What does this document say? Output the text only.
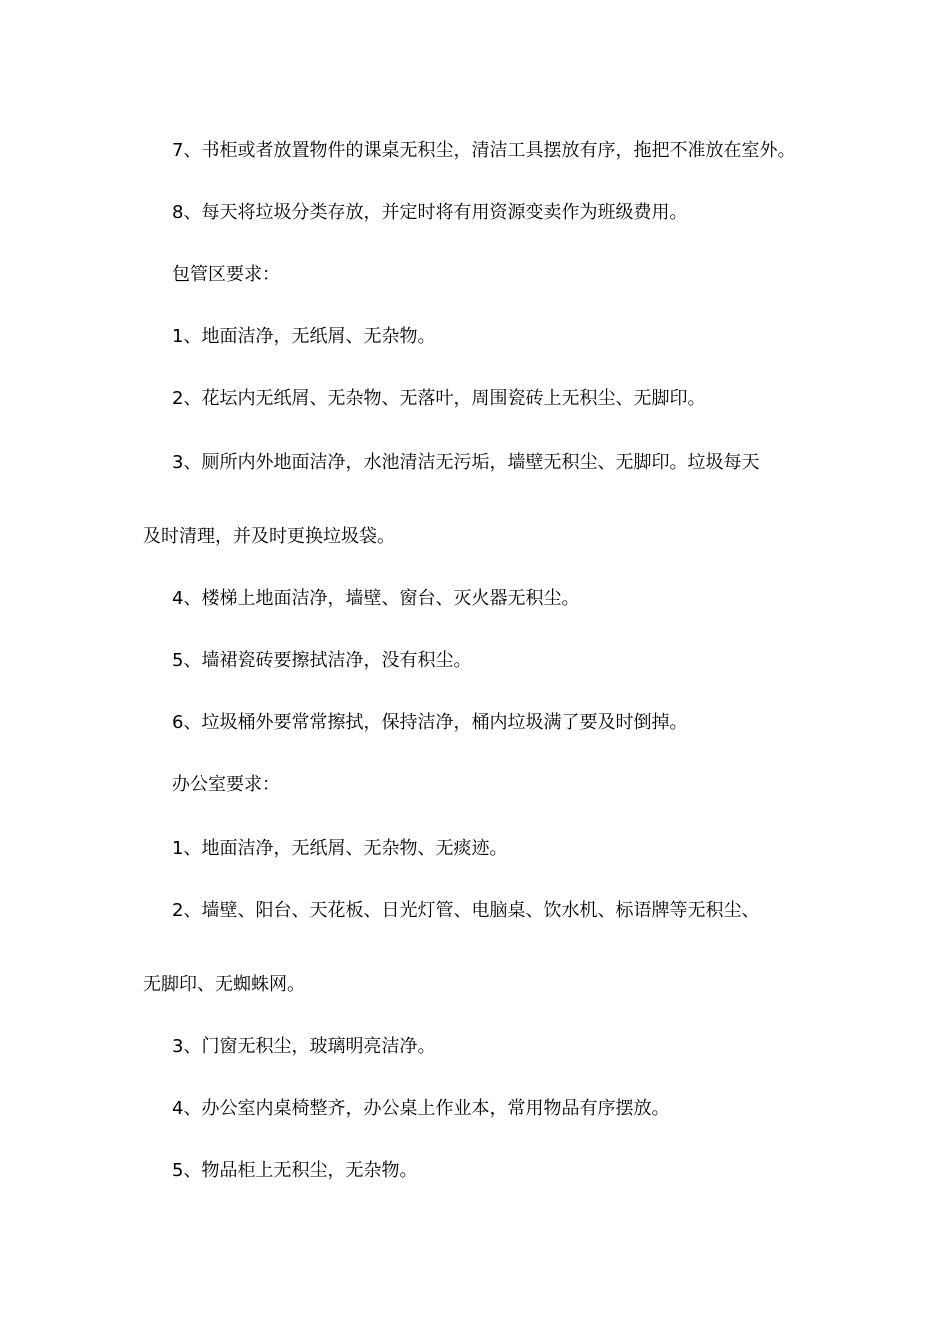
7、书柜或者放置物件的课桌无积尘，清洁工具摆放有序，拖把不准放在室外。
8、每天将垃圾分类存放，并定时将有用资源变卖作为班级费用。
包管区要求：
1、地面洁净，无纸屑、无杂物。
2、花坛内无纸屑、无杂物、无落叶，周围瓷砖上无积尘、无脚印。
3、厕所内外地面洁净，水池清洁无污垢，墙壁无积尘、无脚印。垃圾每天
及时清理，并及时更换垃圾袋。
4、楼梯上地面洁净，墙壁、窗台、灭火器无积尘。
5、墙裙瓷砖要擦拭洁净，没有积尘。
6、垃圾桶外要常常擦拭，保持洁净，桶内垃圾满了要及时倒掉。
办公室要求：
1、地面洁净，无纸屑、无杂物、无痰迹。
2、墙壁、阳台、天花板、日光灯管、电脑桌、饮水机、标语牌等无积尘、
无脚印、无蜘蛛网。
3、门窗无积尘，玻璃明亮洁净。
4、办公室内桌椅整齐，办公桌上作业本，常用物品有序摆放。
5、物品柜上无积尘，无杂物。
